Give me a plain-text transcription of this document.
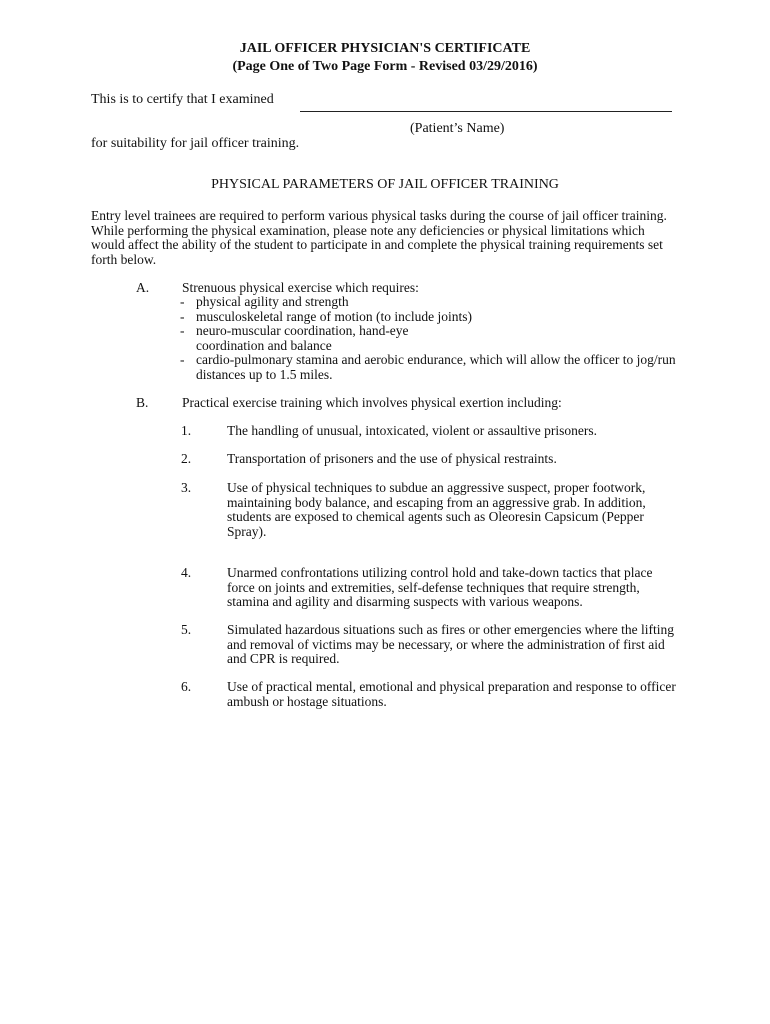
JAIL OFFICER PHYSICIAN'S CERTIFICATE
(Page One of Two Page Form - Revised 03/29/2016)
This is to certify that I examined
(Patient’s Name)
for suitability for jail officer training.
PHYSICAL PARAMETERS OF JAIL OFFICER TRAINING
Entry level trainees are required to perform various physical tasks during the course of jail officer training. While performing the physical examination, please note any deficiencies or physical limitations which would affect the ability of the student to participate in and complete the physical training requirements set forth below.
A. Strenuous physical exercise which requires:
- physical agility and strength
- musculoskeletal range of motion (to include joints)
- neuro-muscular coordination, hand-eye coordination and balance
- cardio-pulmonary stamina and aerobic endurance, which will allow the officer to jog/run distances up to 1.5 miles.
B. Practical exercise training which involves physical exertion including:
1.	The handling of unusual, intoxicated, violent or assaultive prisoners.
2.	Transportation of prisoners and the use of physical restraints.
3.	Use of physical techniques to subdue an aggressive suspect, proper footwork, maintaining body balance, and escaping from an aggressive grab. In addition, students are exposed to chemical agents such as Oleoresin Capsicum (Pepper Spray).
4.	Unarmed confrontations utilizing control hold and take-down tactics that place force on joints and extremities, self-defense techniques that require strength, stamina and agility and disarming suspects with various weapons.
5.	Simulated hazardous situations such as fires or other emergencies where the lifting and removal of victims may be necessary, or where the administration of first aid and CPR is required.
6.	Use of practical mental, emotional and physical preparation and response to officer ambush or hostage situations.
